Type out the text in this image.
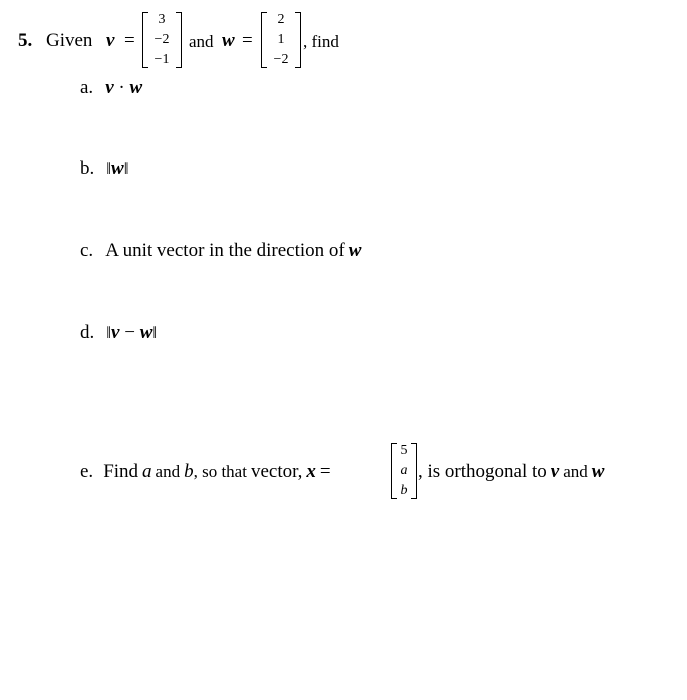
5. Given v =
3
−2
−1
and w =
2
1
−2
, find
a. v · w
b. ‖w‖
c. A unit vector in the direction of w
d. ‖v − w‖
e. Find a and b, so that vector, x =
5
a
b
, is orthogonal to v and w
